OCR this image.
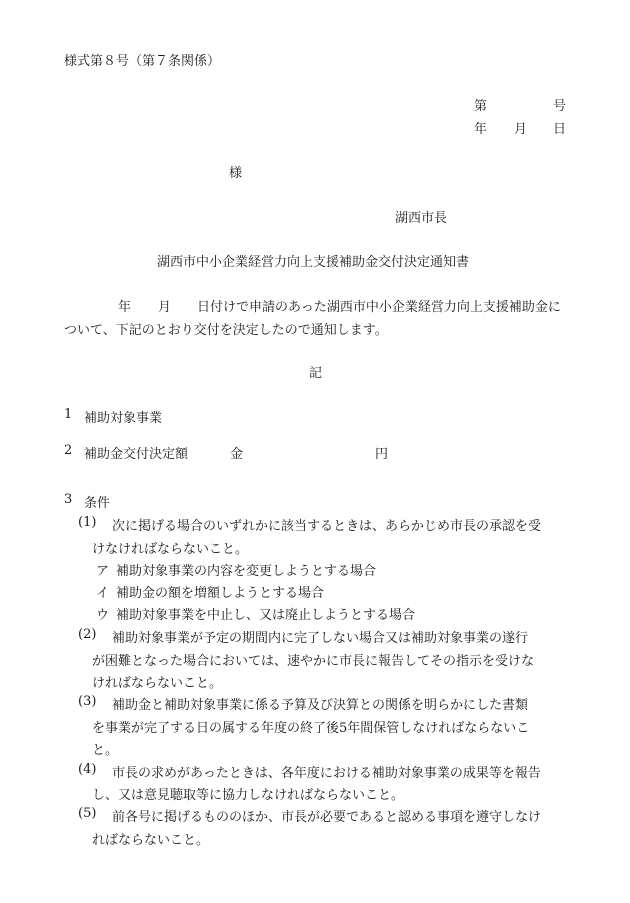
様式第８号（第７条関係）
第	号
年 月 日
様
湖西市長
湖西市中小企業経営力向上支援補助金交付決定通知書
年 月 日付けで申請のあった湖西市中小企業経営力向上支援補助金に
ついて、下記のとおり交付を決定したので通知します。
記
1 補助対象事業
2 補助金交付決定額	金	円
3 条件
(1) 次に掲げる場合のいずれかに該当するときは、あらかじめ市長の承認を受
けなければならないこと。
ア 補助対象事業の内容を変更しようとする場合
イ 補助金の額を増額しようとする場合
ウ 補助対象事業を中止し、又は廃止しようとする場合
(2) 補助対象事業が予定の期間内に完了しない場合又は補助対象事業の遂行
が困難となった場合においては、速やかに市長に報告してその指示を受けな
ければならないこと。
(3) 補助金と補助対象事業に係る予算及び決算との関係を明らかにした書類
を事業が完了する日の属する年度の終了後5年間保管しなければならないこ
と。
(4) 市長の求めがあったときは、各年度における補助対象事業の成果等を報告
し、又は意見聴取等に協力しなければならないこと。
(5) 前各号に掲げるもののほか、市長が必要であると認める事項を遵守しなけ
ればならないこと。
